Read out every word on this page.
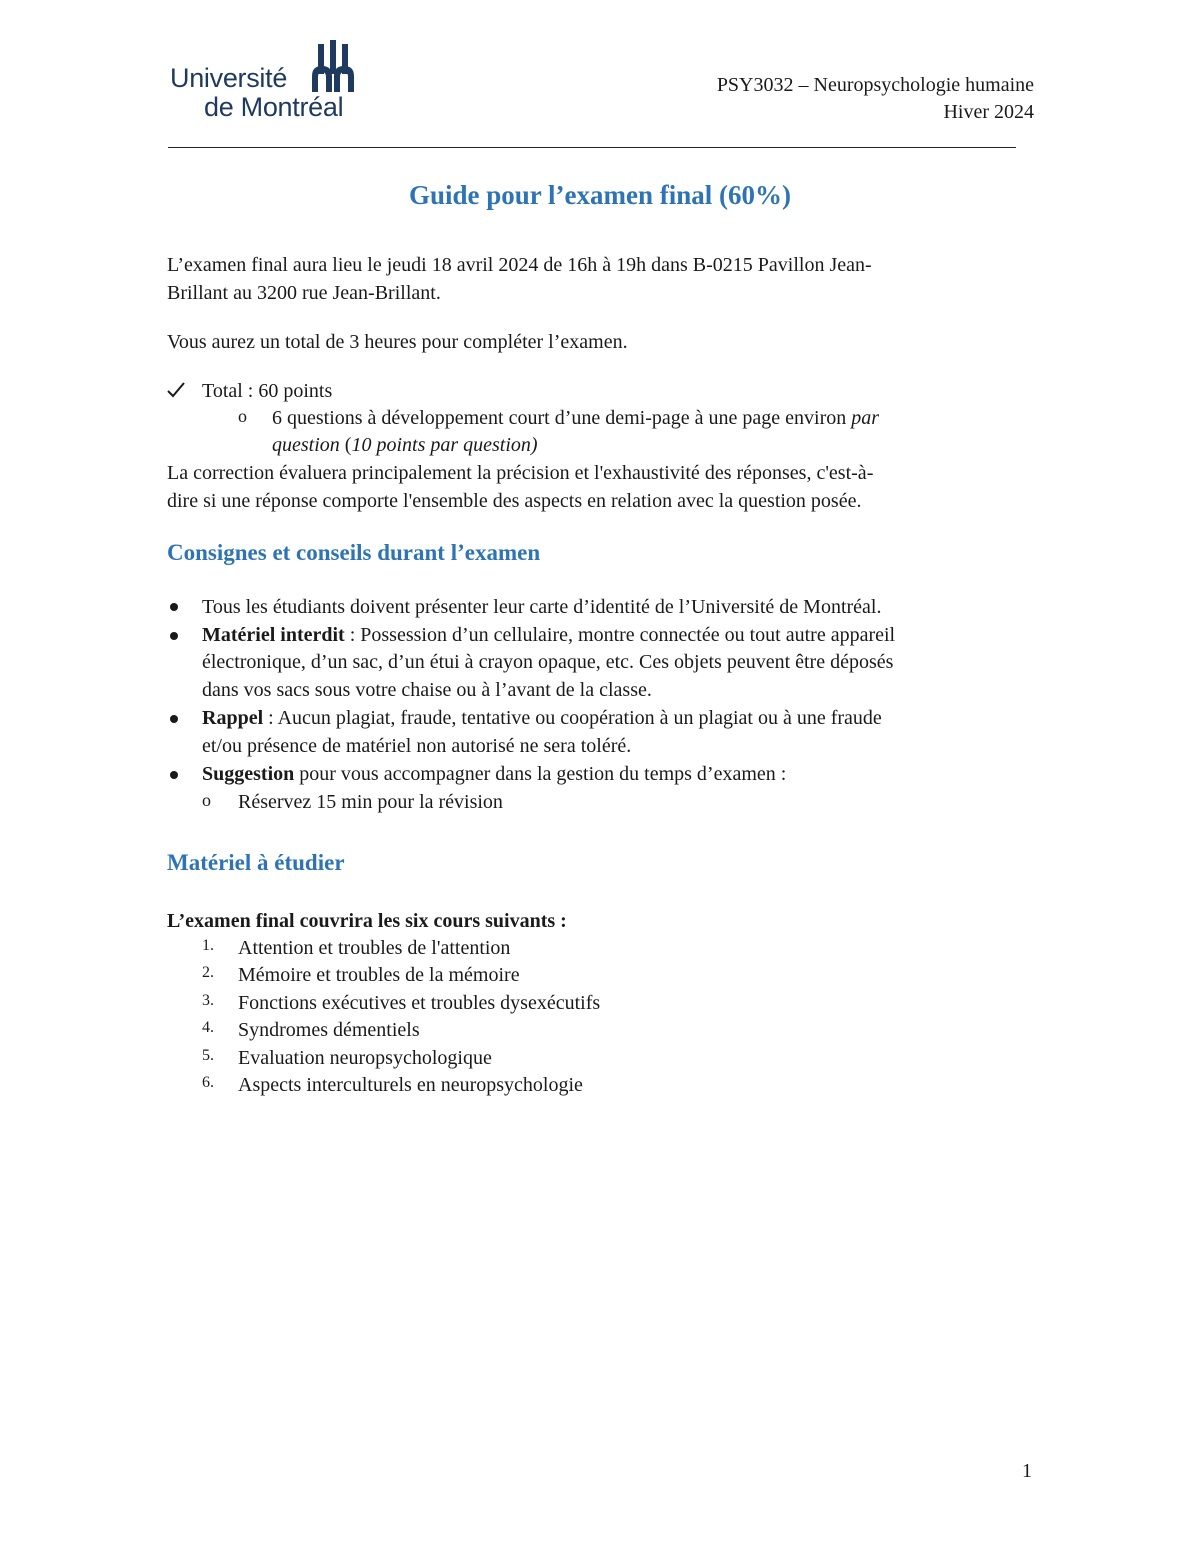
Université
de Montréal
PSY3032 – Neuropsychologie humaine
Hiver 2024
Guide pour l’examen final (60%)

L’examen final aura lieu le jeudi 18 avril 2024 de 16h à 19h dans B-0215 Pavillon Jean-

Brillant au 3200 rue Jean-Brillant.

Vous aurez un total de 3 heures pour compléter l’examen.

Total : 60 points
o 6 questions à développement court d’une demi-page à une page environ par
question (10 points par question)

La correction évaluera principalement la précision et l'exhaustivité des réponses, c'est-à-

dire si une réponse comporte l'ensemble des aspects en relation avec la question posée.

Consignes et conseils durant l’examen
Tous les étudiants doivent présenter leur carte d’identité de l’Université de Montréal.
Matériel interdit : Possession d’un cellulaire, montre connectée ou tout autre appareil
électronique, d’un sac, d’un étui à crayon opaque, etc. Ces objets peuvent être déposés
dans vos sacs sous votre chaise ou à l’avant de la classe.
Rappel : Aucun plagiat, fraude, tentative ou coopération à un plagiat ou à une fraude
et/ou présence de matériel non autorisé ne sera toléré.
Suggestion pour vous accompagner dans la gestion du temps d’examen :
o Réservez 15 min pour la révision
Matériel à étudier
L’examen final couvrira les six cours suivants :
1. Attention et troubles de l'attention
2. Mémoire et troubles de la mémoire
3. Fonctions exécutives et troubles dysexécutifs
4. Syndromes démentiels
5. Evaluation neuropsychologique
6. Aspects interculturels en neuropsychologie
1
